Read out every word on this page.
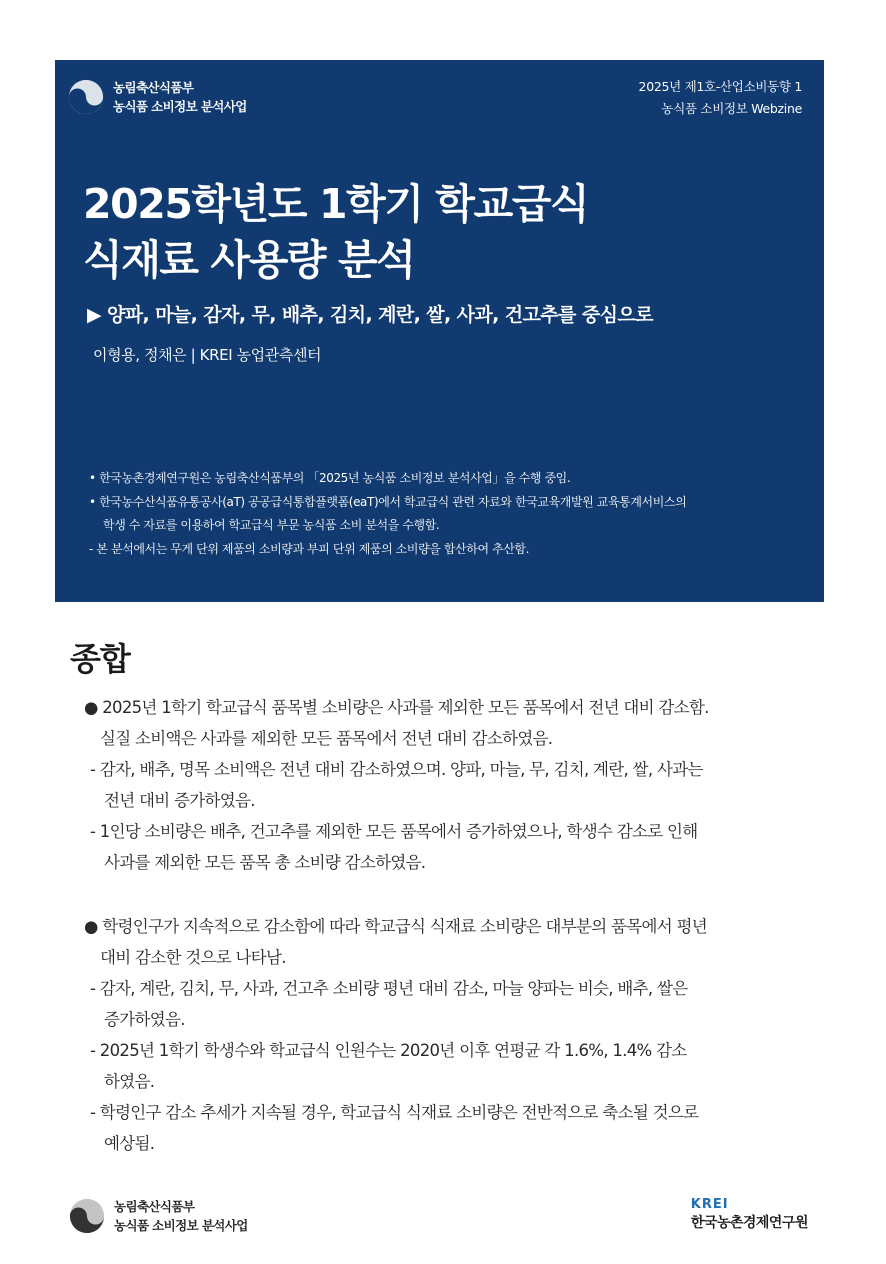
농림축산식품부
농식품 소비정보 분석사업
2025년 제1호-산업소비동향 1
농식품 소비정보 Webzine
2025학년도 1학기 학교급식
식재료 사용량 분석
▶ 양파, 마늘, 감자, 무, 배추, 김치, 계란, 쌀, 사과, 건고추를 중심으로
이형용, 정채은 | KREI 농업관측센터
• 한국농촌경제연구원은 농림축산식품부의 「2025년 농식품 소비정보 분석사업」을 수행 중임.
• 한국농수산식품유통공사(aT) 공공급식통합플랫폼(eaT)에서 학교급식 관련 자료와 한국교육개발원 교육통계서비스의
학생 수 자료를 이용하여 학교급식 부문 농식품 소비 분석을 수행함.
- 본 분석에서는 무게 단위 제품의 소비량과 부피 단위 제품의 소비량을 합산하여 추산함.
종합
● 2025년 1학기 학교급식 품목별 소비량은 사과를 제외한 모든 품목에서 전년 대비 감소함.
실질 소비액은 사과를 제외한 모든 품목에서 전년 대비 감소하였음.
- 감자, 배추, 명목 소비액은 전년 대비 감소하였으며. 양파, 마늘, 무, 김치, 계란, 쌀, 사과는
전년 대비 증가하였음.
- 1인당 소비량은 배추, 건고추를 제외한 모든 품목에서 증가하였으나, 학생수 감소로 인해
사과를 제외한 모든 품목 총 소비량 감소하였음.
● 학령인구가 지속적으로 감소함에 따라 학교급식 식재료 소비량은 대부분의 품목에서 평년
대비 감소한 것으로 나타남.
- 감자, 계란, 김치, 무, 사과, 건고추 소비량 평년 대비 감소, 마늘 양파는 비슷, 배추, 쌀은
증가하였음.
- 2025년 1학기 학생수와 학교급식 인원수는 2020년 이후 연평균 각 1.6%, 1.4% 감소
하였음.
- 학령인구 감소 추세가 지속될 경우, 학교급식 식재료 소비량은 전반적으로 축소될 것으로
예상됨.
농림축산식품부
농식품 소비정보 분석사업
KREI
한국농촌경제연구원
